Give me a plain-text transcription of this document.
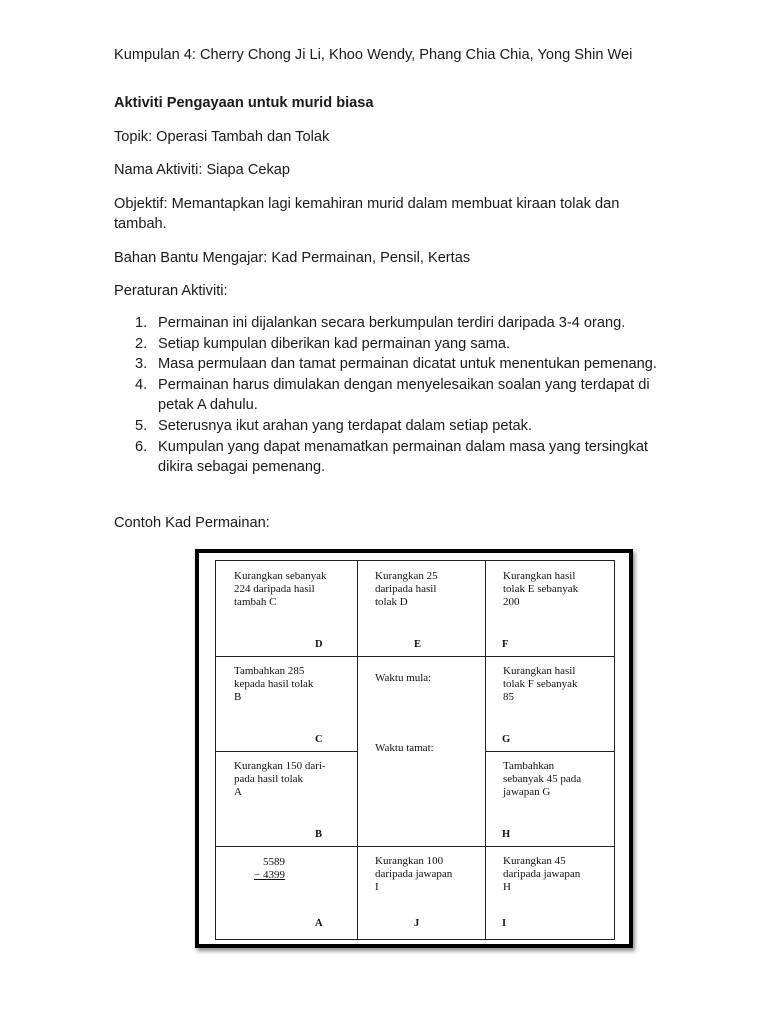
Kumpulan 4: Cherry Chong Ji Li, Khoo Wendy, Phang Chia Chia, Yong Shin Wei
Aktiviti Pengayaan untuk murid biasa
Topik: Operasi Tambah dan Tolak
Nama Aktiviti: Siapa Cekap
Objektif: Memantapkan lagi kemahiran murid dalam membuat kiraan tolak dan
tambah.
Bahan Bantu Mengajar: Kad Permainan, Pensil, Kertas
Peraturan Aktiviti:
1. Permainan ini dijalankan secara berkumpulan terdiri daripada 3-4 orang.
2. Setiap kumpulan diberikan kad permainan yang sama.
3. Masa permulaan dan tamat permainan dicatat untuk menentukan pemenang.
4. Permainan harus dimulakan dengan menyelesaikan soalan yang terdapat di petak A dahulu.
5. Seterusnya ikut arahan yang terdapat dalam setiap petak.
6. Kumpulan yang dapat menamatkan permainan dalam masa yang tersingkat dikira sebagai pemenang.
Contoh Kad Permainan:
Kurangkan sebanyak
224 daripada hasil
tambah C
D
Kurangkan 25
daripada hasil
tolak D
E
Kurangkan hasil
tolak E sebanyak
200
F
Tambahkan 285
kepada hasil tolak
B
C
Waktu mula:
Waktu tamat:
Kurangkan hasil
tolak F sebanyak
85
G
Kurangkan 150 dari-
pada hasil tolak
A
B
Tambahkan
sebanyak 45 pada
jawapan G
H
5589
− 4399
A
Kurangkan 100
daripada jawapan
I
J
Kurangkan 45
daripada jawapan
H
I
